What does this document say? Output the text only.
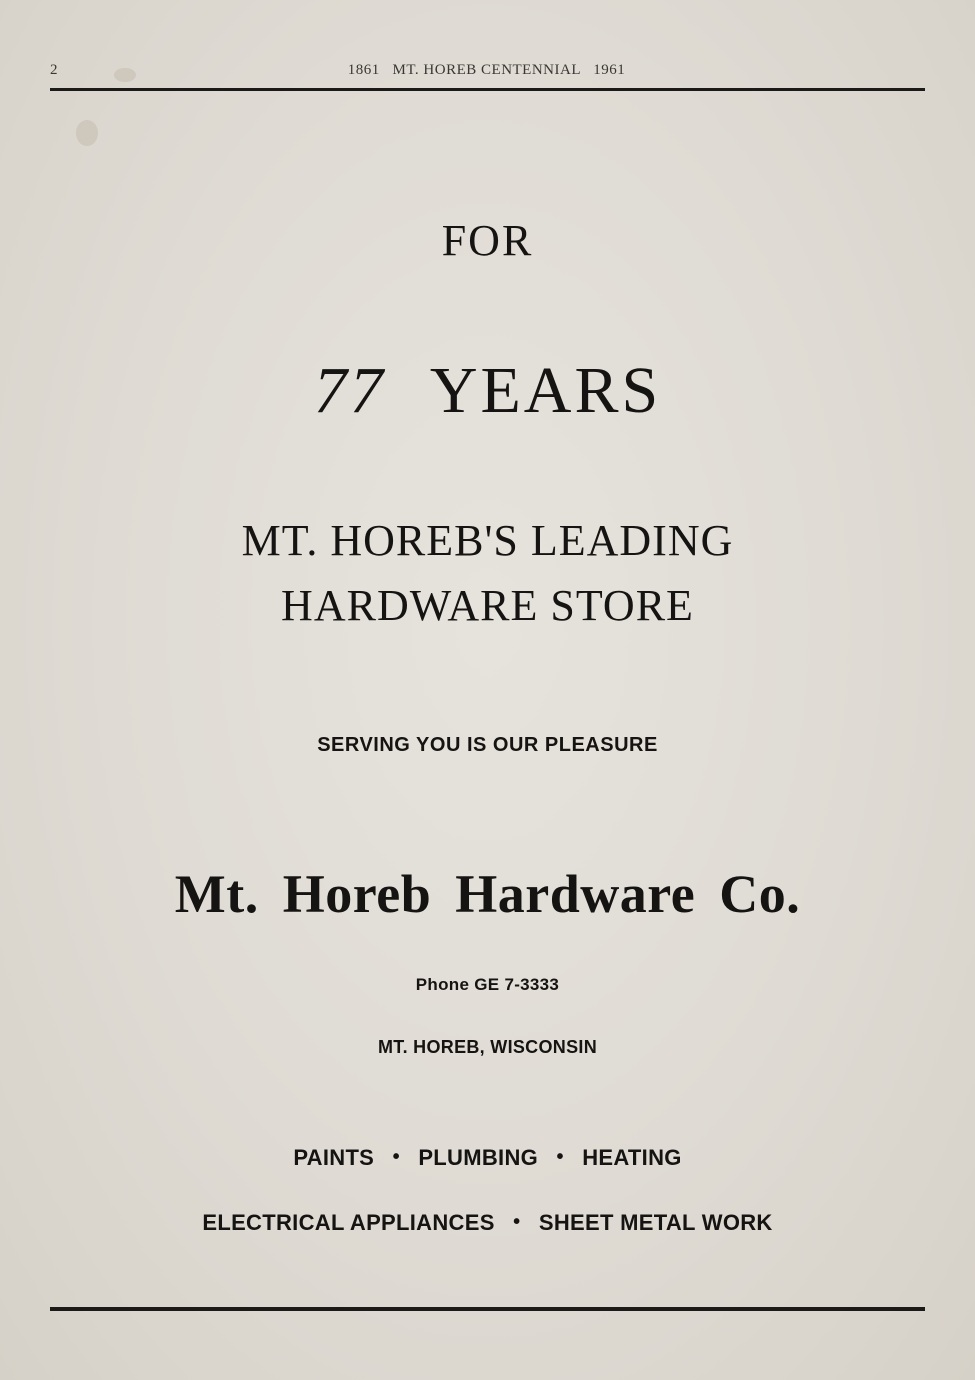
2	1861   MT. HOREB CENTENNIAL   1961
FOR
77 YEARS
MT. HOREB'S LEADING
HARDWARE STORE
SERVING YOU IS OUR PLEASURE
Mt. Horeb Hardware Co.
Phone GE 7-3333
MT. HOREB, WISCONSIN
PAINTS • PLUMBING • HEATING
ELECTRICAL APPLIANCES • SHEET METAL WORK
